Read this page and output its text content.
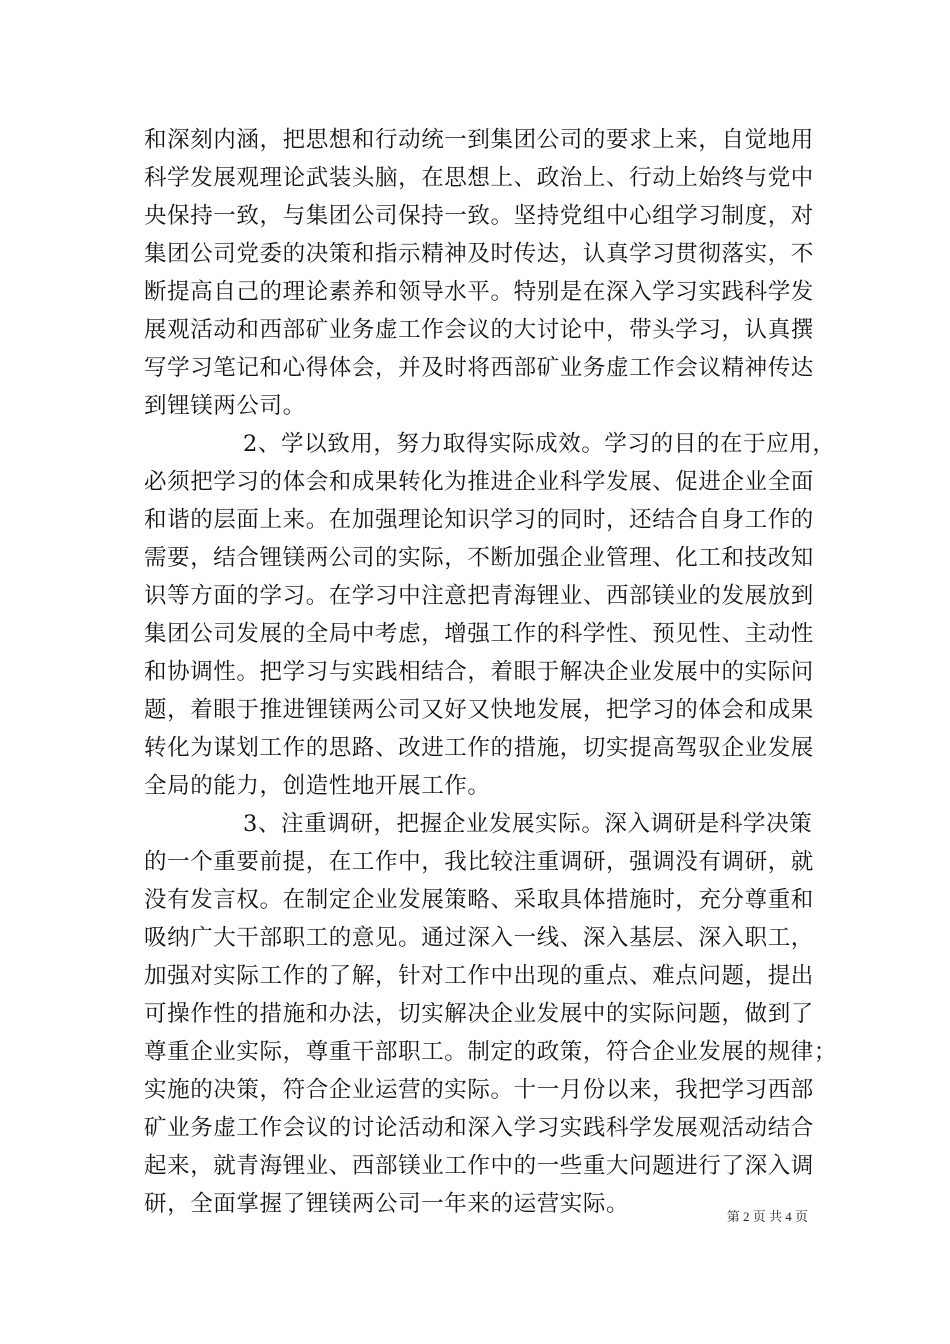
和深刻内涵，把思想和行动统一到集团公司的要求上来，自觉地用
科学发展观理论武装头脑，在思想上、政治上、行动上始终与党中
央保持一致，与集团公司保持一致。坚持党组中心组学习制度，对
集团公司党委的决策和指示精神及时传达，认真学习贯彻落实，不
断提高自己的理论素养和领导水平。特别是在深入学习实践科学发
展观活动和西部矿业务虚工作会议的大讨论中，带头学习，认真撰
写学习笔记和心得体会，并及时将西部矿业务虚工作会议精神传达
到锂镁两公司。
2、学以致用，努力取得实际成效。学习的目的在于应用，
必须把学习的体会和成果转化为推进企业科学发展、促进企业全面
和谐的层面上来。在加强理论知识学习的同时，还结合自身工作的
需要，结合锂镁两公司的实际，不断加强企业管理、化工和技改知
识等方面的学习。在学习中注意把青海锂业、西部镁业的发展放到
集团公司发展的全局中考虑，增强工作的科学性、预见性、主动性
和协调性。把学习与实践相结合，着眼于解决企业发展中的实际问
题，着眼于推进锂镁两公司又好又快地发展，把学习的体会和成果
转化为谋划工作的思路、改进工作的措施，切实提高驾驭企业发展
全局的能力，创造性地开展工作。
3、注重调研，把握企业发展实际。深入调研是科学决策
的一个重要前提，在工作中，我比较注重调研，强调没有调研，就
没有发言权。在制定企业发展策略、采取具体措施时，充分尊重和
吸纳广大干部职工的意见。通过深入一线、深入基层、深入职工，
加强对实际工作的了解，针对工作中出现的重点、难点问题，提出
可操作性的措施和办法，切实解决企业发展中的实际问题，做到了
尊重企业实际，尊重干部职工。制定的政策，符合企业发展的规律；
实施的决策，符合企业运营的实际。十一月份以来，我把学习西部
矿业务虚工作会议的讨论活动和深入学习实践科学发展观活动结合
起来，就青海锂业、西部镁业工作中的一些重大问题进行了深入调
研，全面掌握了锂镁两公司一年来的运营实际。	第 2 页 共 4 页
